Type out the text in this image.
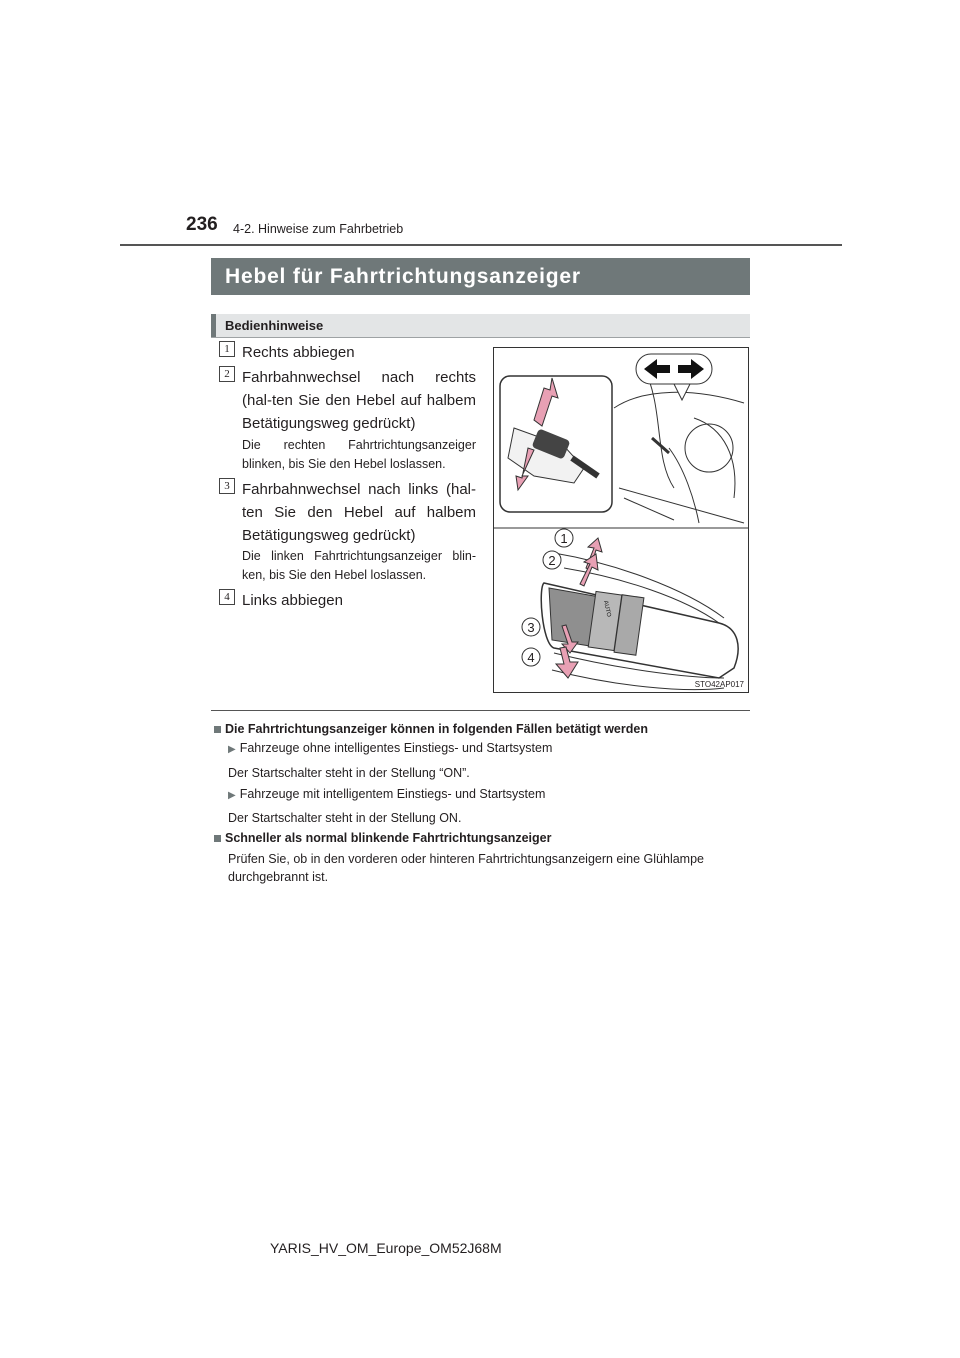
236 4-2. Hinweise zum Fahrbetrieb
Hebel für Fahrtrichtungsanzeiger
Bedienhinweise
1 Rechts abbiegen
2 Fahrbahnwechsel nach rechts (hal-ten Sie den Hebel auf halbem Betätigungsweg gedrückt)
Die rechten Fahrtrichtungsanzeiger blinken, bis Sie den Hebel loslassen.
3 Fahrbahnwechsel nach links (hal-ten Sie den Hebel auf halbem Betätigungsweg gedrückt)
Die linken Fahrtrichtungsanzeiger blin-ken, bis Sie den Hebel loslassen.
4 Links abbiegen
1
2
3
4
AUTO
STO42AP017
Die Fahrtrichtungsanzeiger können in folgenden Fällen betätigt werden
▶ Fahrzeuge ohne intelligentes Einstiegs- und Startsystem
Der Startschalter steht in der Stellung “ON”.
▶ Fahrzeuge mit intelligentem Einstiegs- und Startsystem
Der Startschalter steht in der Stellung ON.
Schneller als normal blinkende Fahrtrichtungsanzeiger
Prüfen Sie, ob in den vorderen oder hinteren Fahrtrichtungsanzeigern eine Glühlampe durchgebrannt ist.
YARIS_HV_OM_Europe_OM52J68M
